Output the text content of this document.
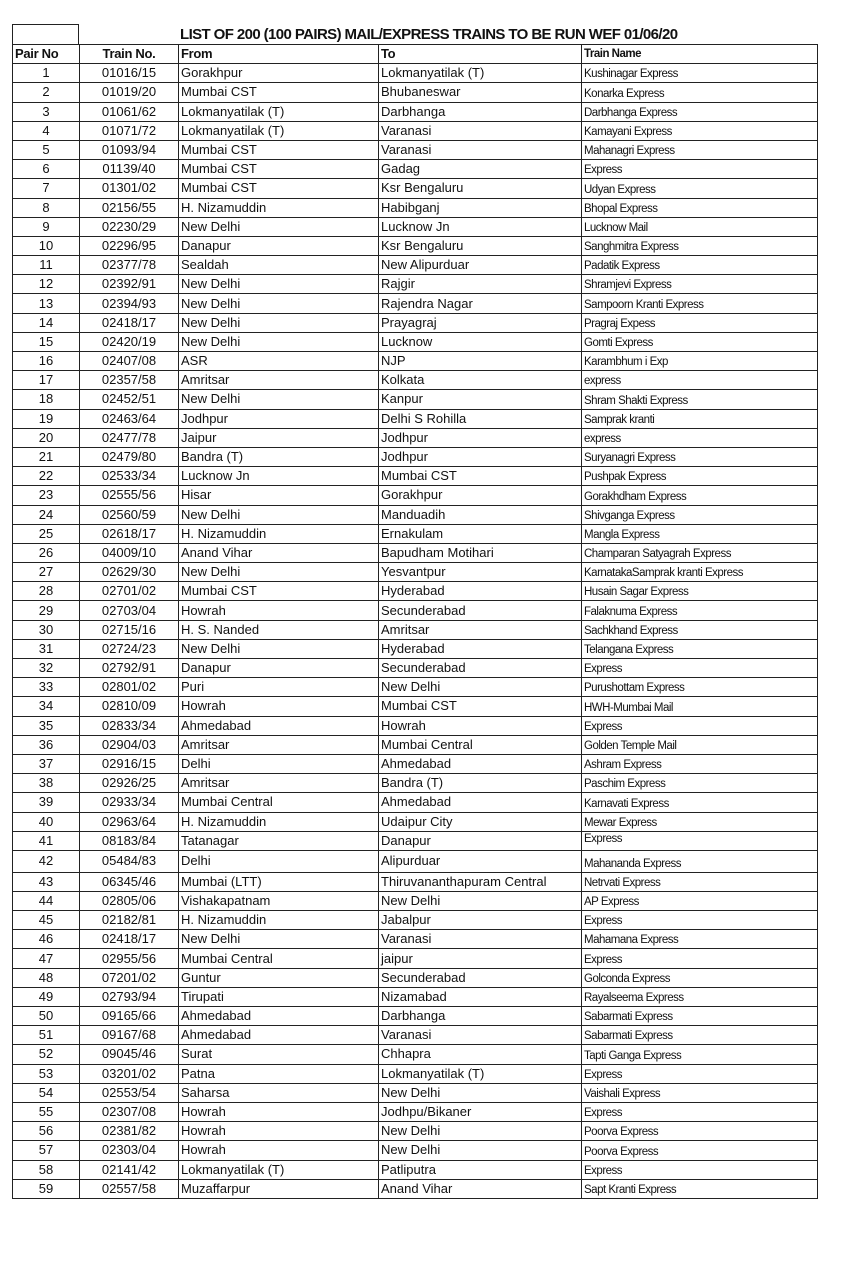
LIST OF 200 (100 PAIRS) MAIL/EXPRESS TRAINS TO BE RUN WEF 01/06/20
Pair No	Train No.	From	To	Train Name
1	01016/15	Gorakhpur	Lokmanyatilak (T)	Kushinagar Express
2	01019/20	Mumbai CST	Bhubaneswar	Konarka Express
3	01061/62	Lokmanyatilak (T)	Darbhanga	Darbhanga Express
4	01071/72	Lokmanyatilak (T)	Varanasi	Kamayani Express
5	01093/94	Mumbai CST	Varanasi	Mahanagri Express
6	01139/40	Mumbai CST	Gadag	Express
7	01301/02	Mumbai CST	Ksr Bengaluru	Udyan Express
8	02156/55	H. Nizamuddin	Habibganj	Bhopal Express
9	02230/29	New Delhi	Lucknow Jn	Lucknow Mail
10	02296/95	Danapur	Ksr Bengaluru	Sanghmitra Express
11	02377/78	Sealdah	New Alipurduar	Padatik Express
12	02392/91	New Delhi	Rajgir	Shramjevi Express
13	02394/93	New Delhi	Rajendra Nagar	Sampoorn Kranti Express
14	02418/17	New Delhi	Prayagraj	Pragraj Expess
15	02420/19	New Delhi	Lucknow	Gomti Express
16	02407/08	ASR	NJP	Karambhum i Exp
17	02357/58	Amritsar	Kolkata	express
18	02452/51	New Delhi	Kanpur	Shram Shakti Express
19	02463/64	Jodhpur	Delhi S Rohilla	Samprak kranti
20	02477/78	Jaipur	Jodhpur	express
21	02479/80	Bandra (T)	Jodhpur	Suryanagri Express
22	02533/34	Lucknow Jn	Mumbai CST	Pushpak Express
23	02555/56	Hisar	Gorakhpur	Gorakhdham Express
24	02560/59	New Delhi	Manduadih	Shivganga Express
25	02618/17	H. Nizamuddin	Ernakulam	Mangla Express
26	04009/10	Anand Vihar	Bapudham Motihari	Champaran Satyagrah Express
27	02629/30	New Delhi	Yesvantpur	KarnatakaSamprak kranti Express
28	02701/02	Mumbai CST	Hyderabad	Husain Sagar Express
29	02703/04	Howrah	Secunderabad	Falaknuma Express
30	02715/16	H. S. Nanded	Amritsar	Sachkhand Express
31	02724/23	New Delhi	Hyderabad	Telangana Express
32	02792/91	Danapur	Secunderabad	Express
33	02801/02	Puri	New Delhi	Purushottam Express
34	02810/09	Howrah	Mumbai CST	HWH-Mumbai Mail
35	02833/34	Ahmedabad	Howrah	Express
36	02904/03	Amritsar	Mumbai Central	Golden Temple Mail
37	02916/15	Delhi	Ahmedabad	Ashram Express
38	02926/25	Amritsar	Bandra (T)	Paschim Express
39	02933/34	Mumbai Central	Ahmedabad	Karnavati Express
40	02963/64	H. Nizamuddin	Udaipur City	Mewar Express
41	08183/84	Tatanagar	Danapur	Express
42	05484/83	Delhi	Alipurduar	Mahananda Express
43	06345/46	Mumbai (LTT)	Thiruvananthapuram Central	Netrvati Express
44	02805/06	Vishakapatnam	New Delhi	AP Express
45	02182/81	H. Nizamuddin	Jabalpur	Express
46	02418/17	New Delhi	Varanasi	Mahamana Express
47	02955/56	Mumbai Central	jaipur	Express
48	07201/02	Guntur	Secunderabad	Golconda Express
49	02793/94	Tirupati	Nizamabad	Rayalseema Express
50	09165/66	Ahmedabad	Darbhanga	Sabarmati Express
51	09167/68	Ahmedabad	Varanasi	Sabarmati Express
52	09045/46	Surat	Chhapra	Tapti Ganga Express
53	03201/02	Patna	Lokmanyatilak (T)	Express
54	02553/54	Saharsa	New Delhi	Vaishali Express
55	02307/08	Howrah	Jodhpu/Bikaner	Express
56	02381/82	Howrah	New Delhi	Poorva Express
57	02303/04	Howrah	New Delhi	Poorva Express
58	02141/42	Lokmanyatilak (T)	Patliputra	Express
59	02557/58	Muzaffarpur	Anand Vihar	Sapt Kranti Express
